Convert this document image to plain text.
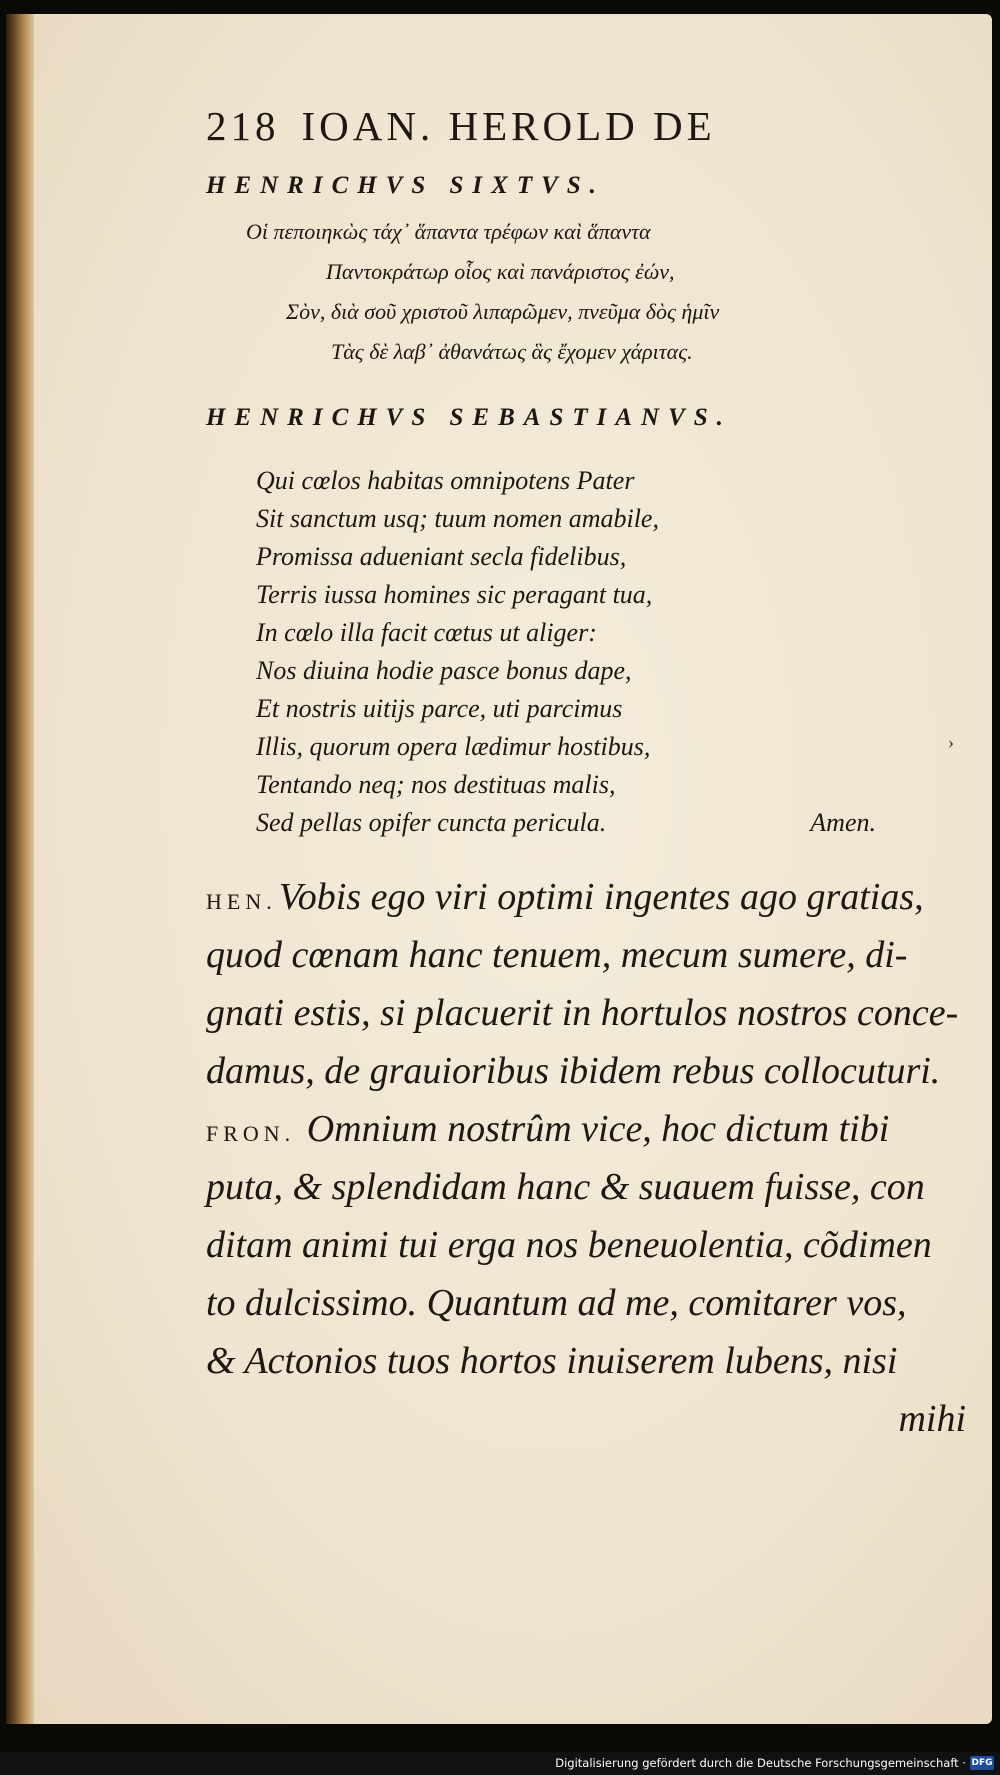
218 IOAN. HEROLD DE
HENRICHVS SIXTVS.
Οἱ πεποιηκὼς τάχ᾽ ἅπαντα τρέφων καὶ ἅπαντα
Παντοκράτωρ οἷος καὶ πανάριστος ἐών,
Σὸν, διὰ σοῦ χριστοῦ λιπαρῶμεν, πνεῦμα δὸς ἡμῖν
Τὰς δὲ λαβ᾽ ἀθανάτως ἃς ἔχομεν χάριτας.
HENRICHVS SEBASTIANVS.
Qui cœlos habitas omnipotens Pater
Sit sanctum usq; tuum nomen amabile,
Promissa adueniant secla fidelibus,
Terris iussa homines sic peragant tua,
In cœlo illa facit cœtus ut aliger:
Nos diuina hodie pasce bonus dape,
Et nostris uitijs parce, uti parcimus
Illis, quorum opera lædimur hostibus,
Tentando neq; nos destituas malis,
Sed pellas opifer cuncta pericula.	Amen.
HEN.Vobis ego viri optimi ingentes ago gratias,
quod cœnam hanc tenuem, mecum sumere, di-
gnati estis, si placuerit in hortulos nostros conce-
damus, de grauioribus ibidem rebus collocuturi.
FRON. Omnium nostrûm vice, hoc dictum tibi
puta, & splendidam hanc & suauem fuisse, con
ditam animi tui erga nos beneuolentia, cõdimen
to dulcissimo. Quantum ad me, comitarer vos,
& Actonios tuos hortos inuiserem lubens, nisi
mihi
›
Digitalisierung gefördert durch die Deutsche Forschungsgemeinschaft · DFG
